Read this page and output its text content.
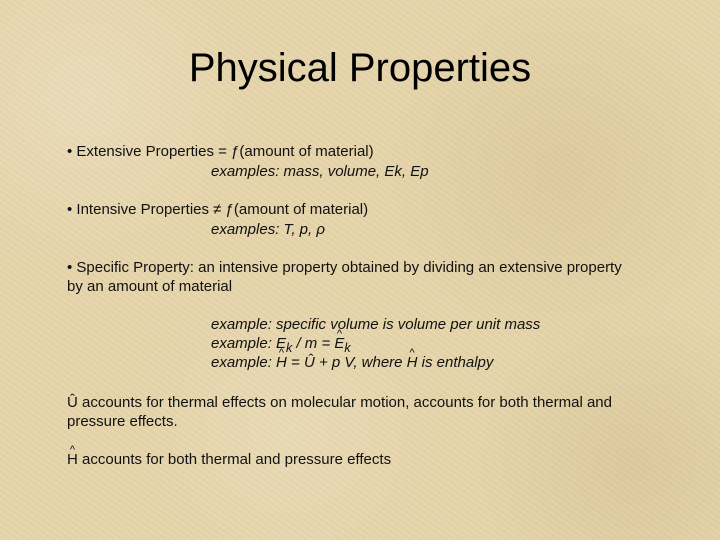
Physical Properties
• Extensive Properties = ƒ(amount of material)
examples: mass, volume, Ek, Ep
• Intensive Properties ≠ ƒ(amount of material)
examples: T, p, ρ
• Specific Property: an intensive property obtained by dividing an extensive property
by an amount of material
example: specific volume is volume per unit mass
example: $E_k$ / m = ^ $E_k$
example: ^ H = Û + p V, where ^ H is enthalpy
Û accounts for thermal effects on molecular motion, accounts for both thermal and
pressure effects.
^ H accounts for both thermal and pressure effects
